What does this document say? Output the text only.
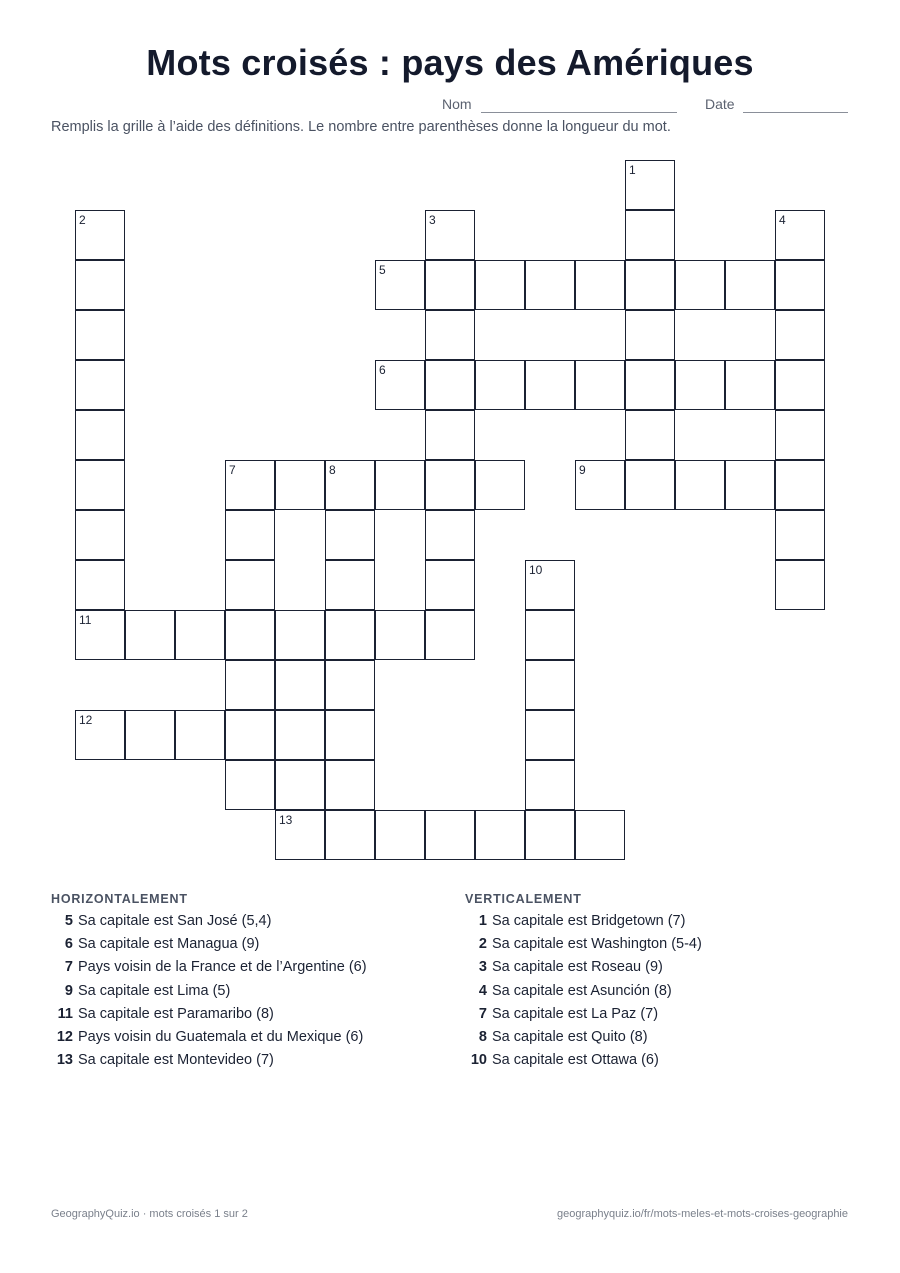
Mots croisés : pays des Amériques
Nom	Date
Remplis la grille à l’aide des définitions. Le nombre entre parenthèses donne la longueur du mot.
1
2	3	4
5
6
7	8	9
10
11
12
13
HORIZONTALEMENT
5 Sa capitale est San José (5,4)
6 Sa capitale est Managua (9)
7 Pays voisin de la France et de l’Argentine (6)
9 Sa capitale est Lima (5)
11 Sa capitale est Paramaribo (8)
12 Pays voisin du Guatemala et du Mexique (6)
13 Sa capitale est Montevideo (7)
VERTICALEMENT
1 Sa capitale est Bridgetown (7)
2 Sa capitale est Washington (5-4)
3 Sa capitale est Roseau (9)
4 Sa capitale est Asunción (8)
7 Sa capitale est La Paz (7)
8 Sa capitale est Quito (8)
10 Sa capitale est Ottawa (6)
GeographyQuiz.io · mots croisés 1 sur 2	geographyquiz.io/fr/mots-meles-et-mots-croises-geographie
